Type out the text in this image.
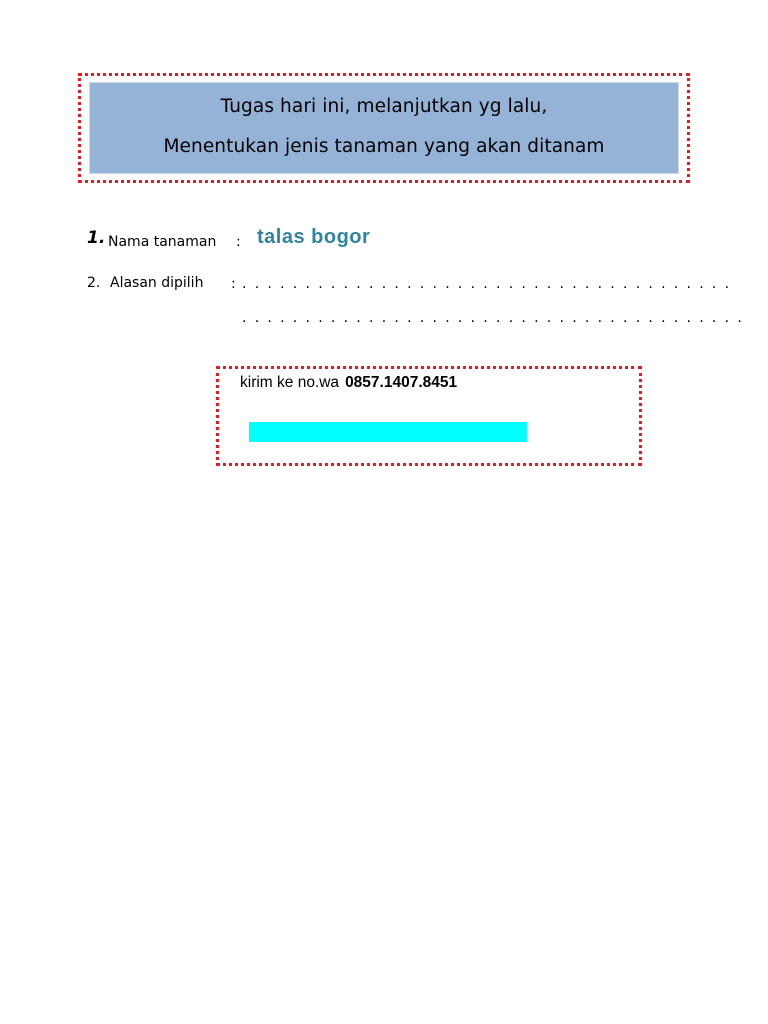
Tugas hari ini, melanjutkan yg lalu,
Menentukan jenis tanaman yang akan ditanam
1. Nama tanaman : talas bogor
2. Alasan dipilih : . . . . . . . . . . . . . . . . . . . . . . . . . . . . . . . . . . . . . . .
. . . . . . . . . . . . . . . . . . . . . . . . . . . . . . . . . . . . . . . .
kirim ke no.wa 0857.1407.8451
